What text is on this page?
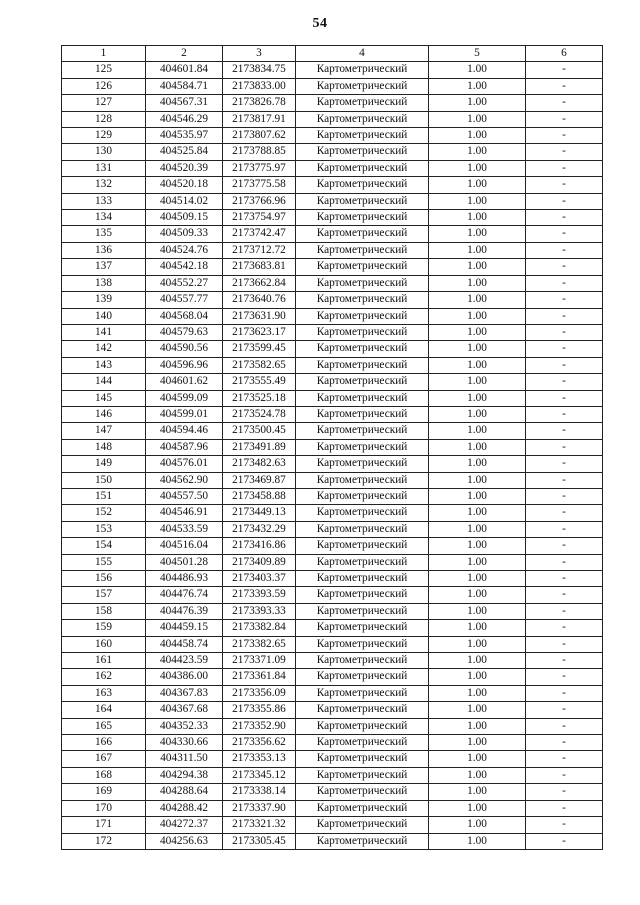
54
1	2	3	4	5	6
125	404601.84	2173834.75	Картометрический	1.00	-
126	404584.71	2173833.00	Картометрический	1.00	-
127	404567.31	2173826.78	Картометрический	1.00	-
128	404546.29	2173817.91	Картометрический	1.00	-
129	404535.97	2173807.62	Картометрический	1.00	-
130	404525.84	2173788.85	Картометрический	1.00	-
131	404520.39	2173775.97	Картометрический	1.00	-
132	404520.18	2173775.58	Картометрический	1.00	-
133	404514.02	2173766.96	Картометрический	1.00	-
134	404509.15	2173754.97	Картометрический	1.00	-
135	404509.33	2173742.47	Картометрический	1.00	-
136	404524.76	2173712.72	Картометрический	1.00	-
137	404542.18	2173683.81	Картометрический	1.00	-
138	404552.27	2173662.84	Картометрический	1.00	-
139	404557.77	2173640.76	Картометрический	1.00	-
140	404568.04	2173631.90	Картометрический	1.00	-
141	404579.63	2173623.17	Картометрический	1.00	-
142	404590.56	2173599.45	Картометрический	1.00	-
143	404596.96	2173582.65	Картометрический	1.00	-
144	404601.62	2173555.49	Картометрический	1.00	-
145	404599.09	2173525.18	Картометрический	1.00	-
146	404599.01	2173524.78	Картометрический	1.00	-
147	404594.46	2173500.45	Картометрический	1.00	-
148	404587.96	2173491.89	Картометрический	1.00	-
149	404576.01	2173482.63	Картометрический	1.00	-
150	404562.90	2173469.87	Картометрический	1.00	-
151	404557.50	2173458.88	Картометрический	1.00	-
152	404546.91	2173449.13	Картометрический	1.00	-
153	404533.59	2173432.29	Картометрический	1.00	-
154	404516.04	2173416.86	Картометрический	1.00	-
155	404501.28	2173409.89	Картометрический	1.00	-
156	404486.93	2173403.37	Картометрический	1.00	-
157	404476.74	2173393.59	Картометрический	1.00	-
158	404476.39	2173393.33	Картометрический	1.00	-
159	404459.15	2173382.84	Картометрический	1.00	-
160	404458.74	2173382.65	Картометрический	1.00	-
161	404423.59	2173371.09	Картометрический	1.00	-
162	404386.00	2173361.84	Картометрический	1.00	-
163	404367.83	2173356.09	Картометрический	1.00	-
164	404367.68	2173355.86	Картометрический	1.00	-
165	404352.33	2173352.90	Картометрический	1.00	-
166	404330.66	2173356.62	Картометрический	1.00	-
167	404311.50	2173353.13	Картометрический	1.00	-
168	404294.38	2173345.12	Картометрический	1.00	-
169	404288.64	2173338.14	Картометрический	1.00	-
170	404288.42	2173337.90	Картометрический	1.00	-
171	404272.37	2173321.32	Картометрический	1.00	-
172	404256.63	2173305.45	Картометрический	1.00	-
